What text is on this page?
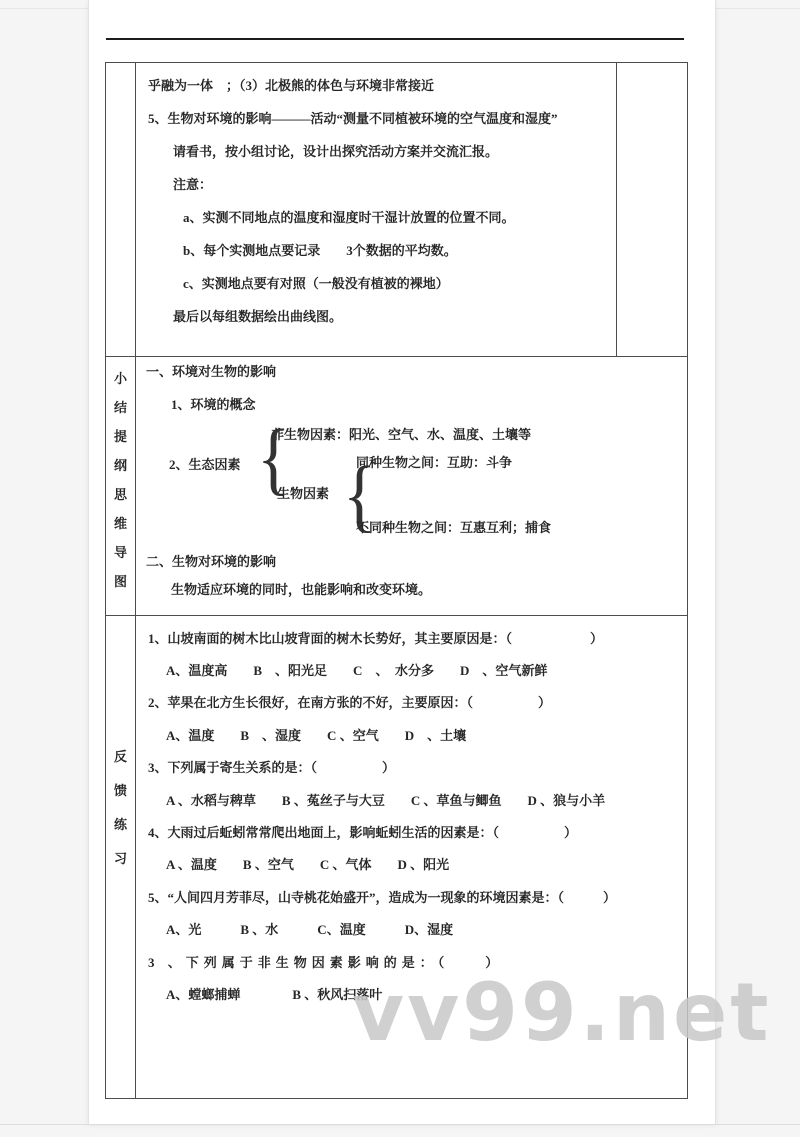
乎融为一体　；（3）北极熊的体色与环境非常接近
5、生物对环境的影响———活动“测量不同植被环境的空气温度和湿度”
请看书，按小组讨论，设计出探究活动方案并交流汇报。
注意：
a、实测不同地点的温度和湿度时干湿计放置的位置不同。
b、每个实测地点要记录　　3个数据的平均数。
c、实测地点要有对照（一般没有植被的裸地）
最后以每组数据绘出曲线图。
小
结
提
纲
思
维
导
图
一、环境对生物的影响
1、环境的概念
非生物因素：阳光、空气、水、温度、土壤等
2、生态因素 {
生物因素 {
同种生物之间：互助：斗争
不同种生物之间：互惠互利；捕食
二、生物对环境的影响
生物适应环境的同时，也能影响和改变环境。
反
馈
练
习
1、山坡南面的树木比山坡背面的树木长势好，其主要原因是：（　　　　　　）
A、温度高　　B　、阳光足　　C　、　水分多　　D　、空气新鲜
2、苹果在北方生长很好，在南方张的不好，主要原因：（　　　　　）
A、温度　　B　、湿度　　C 、空气　　D　、土壤
3、下列属于寄生关系的是：（　　　　　）
A 、水稻与稗草　　B 、菟丝子与大豆　　C 、草鱼与鲫鱼　　D 、狼与小羊
4、大雨过后蚯蚓常常爬出地面上，影响蚯蚓生活的因素是：（　　　　　）
A 、温度　　B 、空气　　C 、气体　　D 、阳光
5、“人间四月芳菲尽，山寺桃花始盛开”，造成为一现象的环境因素是：（　　　）
A、光　　　B 、水　　　C、温度　　　D、湿度
3 、下列属于非生物因素影响的是：（　　）
A、螳螂捕蝉　　　　B 、秋风扫落叶
vv99.net
